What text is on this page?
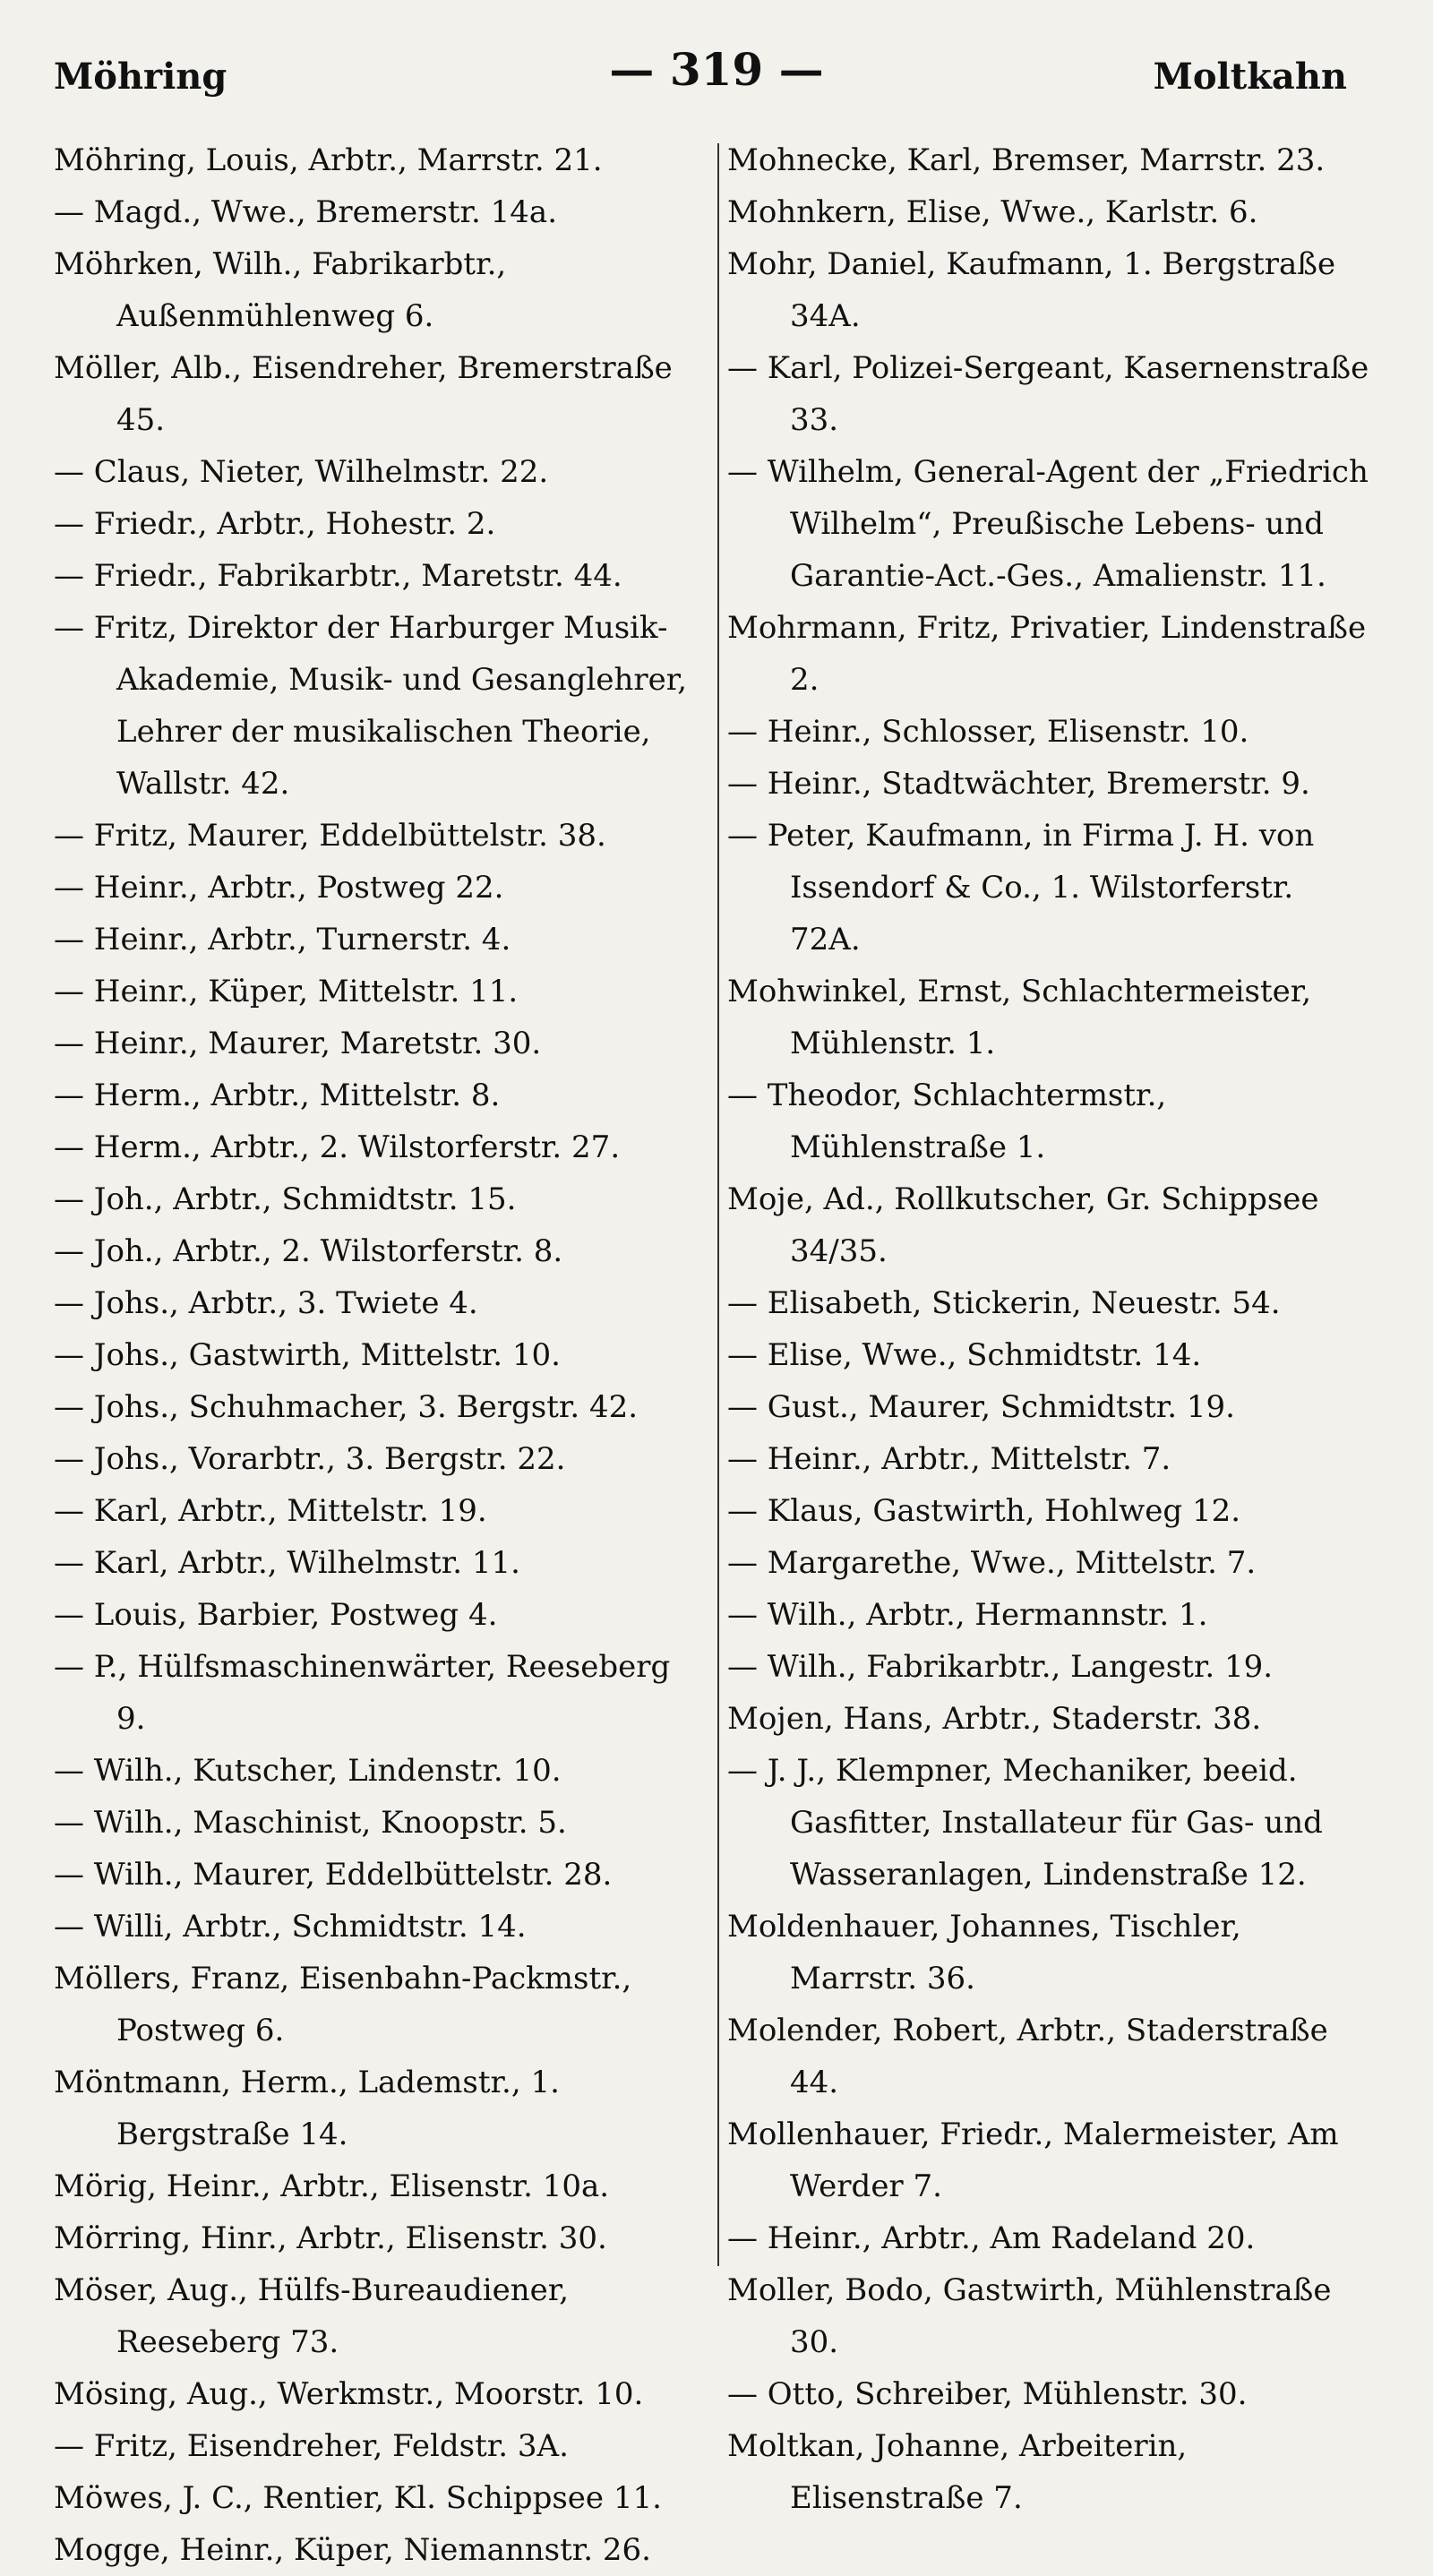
Möhring	— 319 —	Moltkahn

Möhring, Louis, Arbtr., Marrstr. 21.

— Magd., Wwe., Bremerstr. 14a.

Möhrken, Wilh., Fabrikarbtr., Außenmühlenweg 6.

Möller, Alb., Eisendreher, Bremerstraße 45.

— Claus, Nieter, Wilhelmstr. 22.

— Friedr., Arbtr., Hohestr. 2.

— Friedr., Fabrikarbtr., Maretstr. 44.

— Fritz, Direktor der Harburger Musik-Akademie, Musik- und Gesanglehrer, Lehrer der musikalischen Theorie, Wallstr. 42.

— Fritz, Maurer, Eddelbüttelstr. 38.

— Heinr., Arbtr., Postweg 22.

— Heinr., Arbtr., Turnerstr. 4.

— Heinr., Küper, Mittelstr. 11.

— Heinr., Maurer, Maretstr. 30.

— Herm., Arbtr., Mittelstr. 8.

— Herm., Arbtr., 2. Wilstorferstr. 27.

— Joh., Arbtr., Schmidtstr. 15.

— Joh., Arbtr., 2. Wilstorferstr. 8.

— Johs., Arbtr., 3. Twiete 4.

— Johs., Gastwirth, Mittelstr. 10.

— Johs., Schuhmacher, 3. Bergstr. 42.

— Johs., Vorarbtr., 3. Bergstr. 22.

— Karl, Arbtr., Mittelstr. 19.

— Karl, Arbtr., Wilhelmstr. 11.

— Louis, Barbier, Postweg 4.

— P., Hülfsmaschinenwärter, Reeseberg 9.

— Wilh., Kutscher, Lindenstr. 10.

— Wilh., Maschinist, Knoopstr. 5.

— Wilh., Maurer, Eddelbüttelstr. 28.

— Willi, Arbtr., Schmidtstr. 14.

Möllers, Franz, Eisenbahn-Packmstr., Postweg 6.

Möntmann, Herm., Lademstr., 1. Bergstraße 14.

Mörig, Heinr., Arbtr., Elisenstr. 10a.

Mörring, Hinr., Arbtr., Elisenstr. 30.

Möser, Aug., Hülfs-Bureaudiener, Reeseberg 73.

Mösing, Aug., Werkmstr., Moorstr. 10.

— Fritz, Eisendreher, Feldstr. 3A.

Möwes, J. C., Rentier, Kl. Schippsee 11.

Mogge, Heinr., Küper, Niemannstr. 26.

Mohnecke, Karl, Bremser, Marrstr. 23.

Mohnkern, Elise, Wwe., Karlstr. 6.

Mohr, Daniel, Kaufmann, 1. Bergstraße 34A.

— Karl, Polizei-Sergeant, Kasernenstraße 33.

— Wilhelm, General-Agent der „Friedrich Wilhelm“, Preußische Lebens- und Garantie-Act.-Ges., Amalienstr. 11.

Mohrmann, Fritz, Privatier, Lindenstraße 2.

— Heinr., Schlosser, Elisenstr. 10.

— Heinr., Stadtwächter, Bremerstr. 9.

— Peter, Kaufmann, in Firma J. H. von Issendorf & Co., 1. Wilstorferstr. 72A.

Mohwinkel, Ernst, Schlachtermeister, Mühlenstr. 1.

— Theodor, Schlachtermstr., Mühlenstraße 1.

Moje, Ad., Rollkutscher, Gr. Schippsee 34/35.

— Elisabeth, Stickerin, Neuestr. 54.

— Elise, Wwe., Schmidtstr. 14.

— Gust., Maurer, Schmidtstr. 19.

— Heinr., Arbtr., Mittelstr. 7.

— Klaus, Gastwirth, Hohlweg 12.

— Margarethe, Wwe., Mittelstr. 7.

— Wilh., Arbtr., Hermannstr. 1.

— Wilh., Fabrikarbtr., Langestr. 19.

Mojen, Hans, Arbtr., Staderstr. 38.

— J. J., Klempner, Mechaniker, beeid. Gasfitter, Installateur für Gas- und Wasseranlagen, Lindenstraße 12.

Moldenhauer, Johannes, Tischler, Marrstr. 36.

Molender, Robert, Arbtr., Staderstraße 44.

Mollenhauer, Friedr., Malermeister, Am Werder 7.

— Heinr., Arbtr., Am Radeland 20.

Moller, Bodo, Gastwirth, Mühlenstraße 30.

— Otto, Schreiber, Mühlenstr. 30.

Moltkan, Johanne, Arbeiterin, Elisenstraße 7.
